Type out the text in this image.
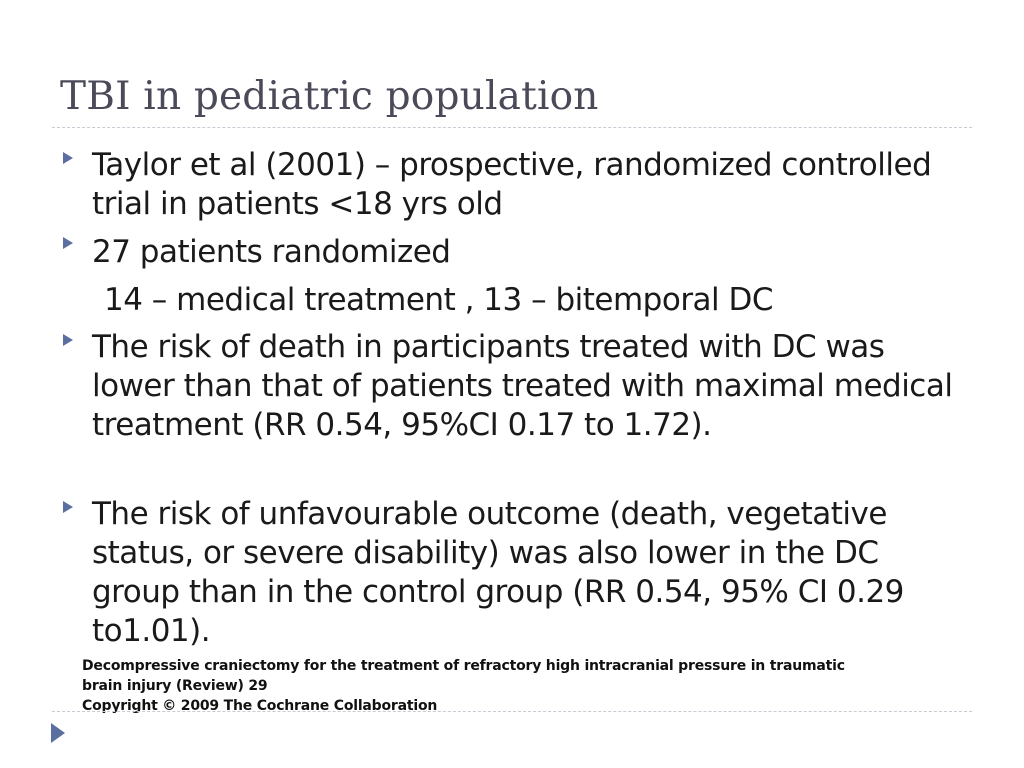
TBI in pediatric population
Taylor et al (2001) – prospective, randomized controlled trial in patients <18 yrs old
27 patients randomized
14 – medical treatment , 13 – bitemporal DC
The risk of death in participants treated with DC was lower than that of patients treated with maximal medical treatment (RR 0.54, 95%CI 0.17 to 1.72).
The risk of unfavourable outcome (death, vegetative status, or severe disability) was also lower in the DC group than in the control group (RR 0.54, 95% CI 0.29 to1.01).
Decompressive craniectomy for the treatment of refractory high intracranial pressure in traumatic
brain injury (Review) 29
Copyright © 2009 The Cochrane Collaboration
